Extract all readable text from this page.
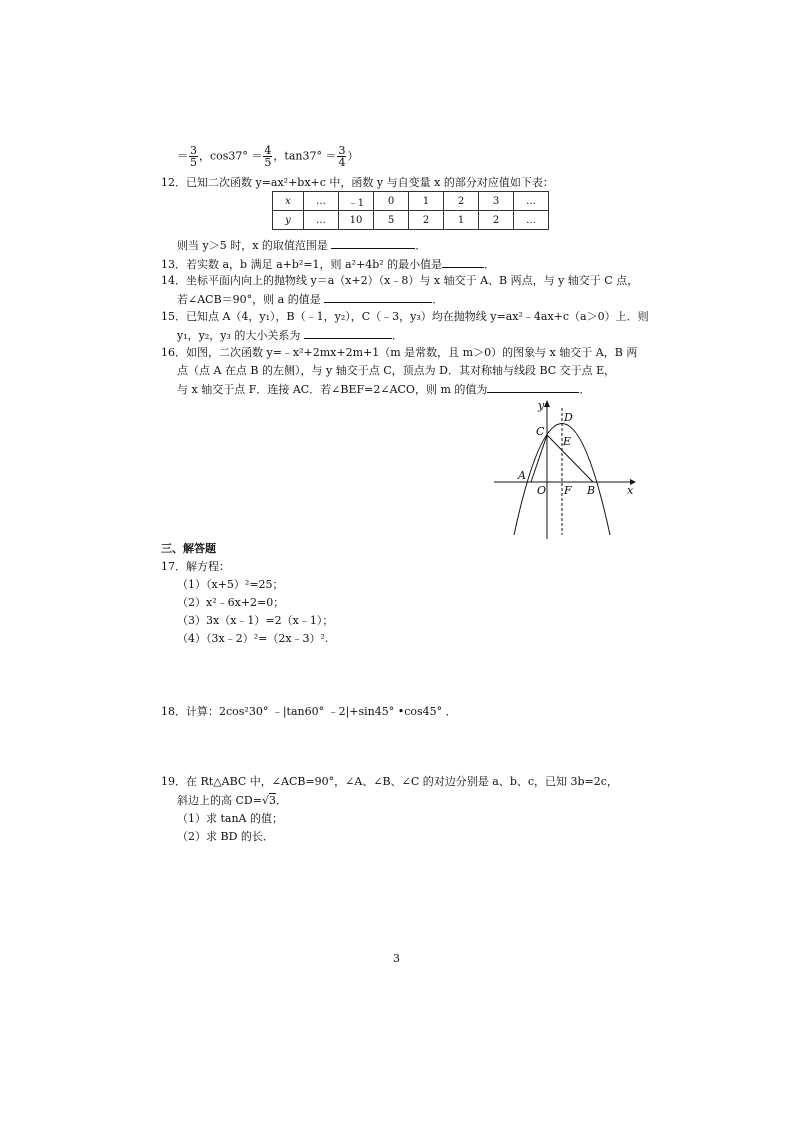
＝ $\frac{3}{5}$ ，$\cos 37^\circ = \frac{4}{5}$ ，$\tan 37^\circ = \frac{3}{4}$ ）
12．已知二次函数 y=ax²+bx+c 中，函数 y 与自变量 x 的部分对应值如下表：
x	…	﹣1	0	1	2	3	…
y	…	10	5	2	1	2	…
则当 y＞5 时，x 的取值范围是	．
13．若实数 a，b 满足 a+b²=1，则 a²+4b² 的最小值是	．
14．坐标平面内向上的抛物线 y＝a（x+2）（x﹣8）与 x 轴交于 A、B 两点，与 y 轴交于 C 点，
若∠ACB＝90°，则 a 的值是	．
15．已知点 A（4，y₁），B（﹣1，y₂），C（﹣3，y₃）均在抛物线 y=ax²﹣4ax+c（a＞0）上．则
y₁，y₂，y₃ 的大小关系为	．
16．如图，二次函数 y=﹣x²+2mx+2m+1（m 是常数，且 m＞0）的图象与 x 轴交于 A，B 两
点（点 A 在点 B 的左侧），与 y 轴交于点 C，顶点为 D．其对称轴与线段 BC 交于点 E，
与 x 轴交于点 F．连接 AC．若∠BEF=2∠ACO，则 m 的值为	．
y
x
D
C
E
A
O F B
三、解答题
17．解方程：
（1）（x+5）²=25；
（2）x²﹣6x+2=0；
（3）3x（x﹣1）=2（x﹣1）；
（4）（3x﹣2）²=（2x﹣3）².
18．计算：2cos²30° ﹣|tan60° ﹣2|+sin45° •cos45° ．
19．在 Rt△ABC 中，∠ACB=90°，∠A、∠B、∠C 的对边分别是 a、b、c，已知 3b=2c，
斜边上的高 CD=√3．
（1）求 tanA 的值；
（2）求 BD 的长．
3
